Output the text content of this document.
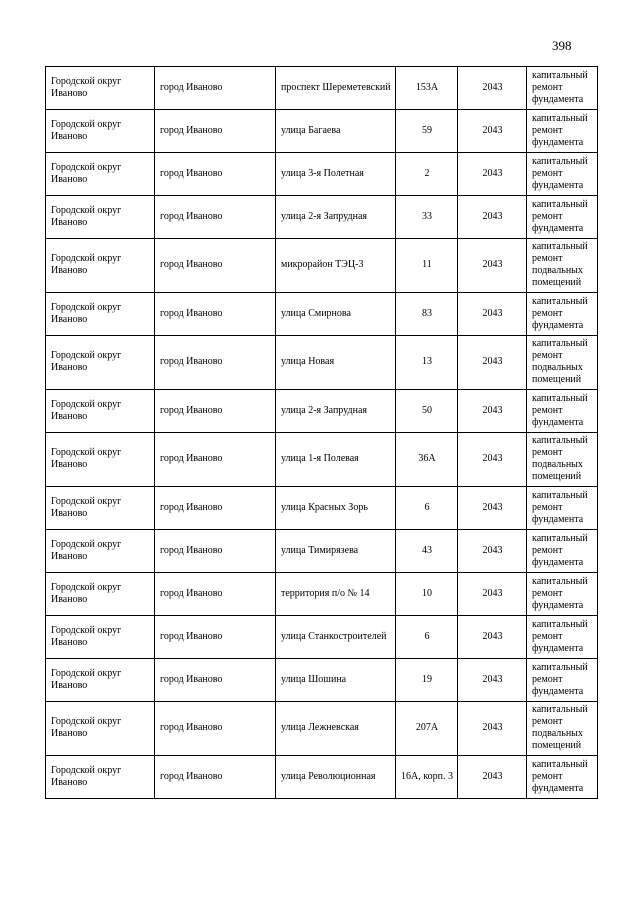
398
Городской округ Иваново	город Иваново	проспект Шереметевский	153А	2043	капитальный ремонт фундамента
Городской округ Иваново	город Иваново	улица Багаева	59	2043	капитальный ремонт фундамента
Городской округ Иваново	город Иваново	улица 3-я Полетная	2	2043	капитальный ремонт фундамента
Городской округ Иваново	город Иваново	улица 2-я Запрудная	33	2043	капитальный ремонт фундамента
Городской округ Иваново	город Иваново	микрорайон ТЭЦ-3	11	2043	капитальный ремонт подвальных помещений
Городской округ Иваново	город Иваново	улица Смирнова	83	2043	капитальный ремонт фундамента
Городской округ Иваново	город Иваново	улица Новая	13	2043	капитальный ремонт подвальных помещений
Городской округ Иваново	город Иваново	улица 2-я Запрудная	50	2043	капитальный ремонт фундамента
Городской округ Иваново	город Иваново	улица 1-я Полевая	36А	2043	капитальный ремонт подвальных помещений
Городской округ Иваново	город Иваново	улица Красных Зорь	6	2043	капитальный ремонт фундамента
Городской округ Иваново	город Иваново	улица Тимирязева	43	2043	капитальный ремонт фундамента
Городской округ Иваново	город Иваново	территория п/о № 14	10	2043	капитальный ремонт фундамента
Городской округ Иваново	город Иваново	улица Станкостроителей	6	2043	капитальный ремонт фундамента
Городской округ Иваново	город Иваново	улица Шошина	19	2043	капитальный ремонт фундамента
Городской округ Иваново	город Иваново	улица Лежневская	207А	2043	капитальный ремонт подвальных помещений
Городской округ Иваново	город Иваново	улица Революционная	16А, корп. 3	2043	капитальный ремонт фундамента
